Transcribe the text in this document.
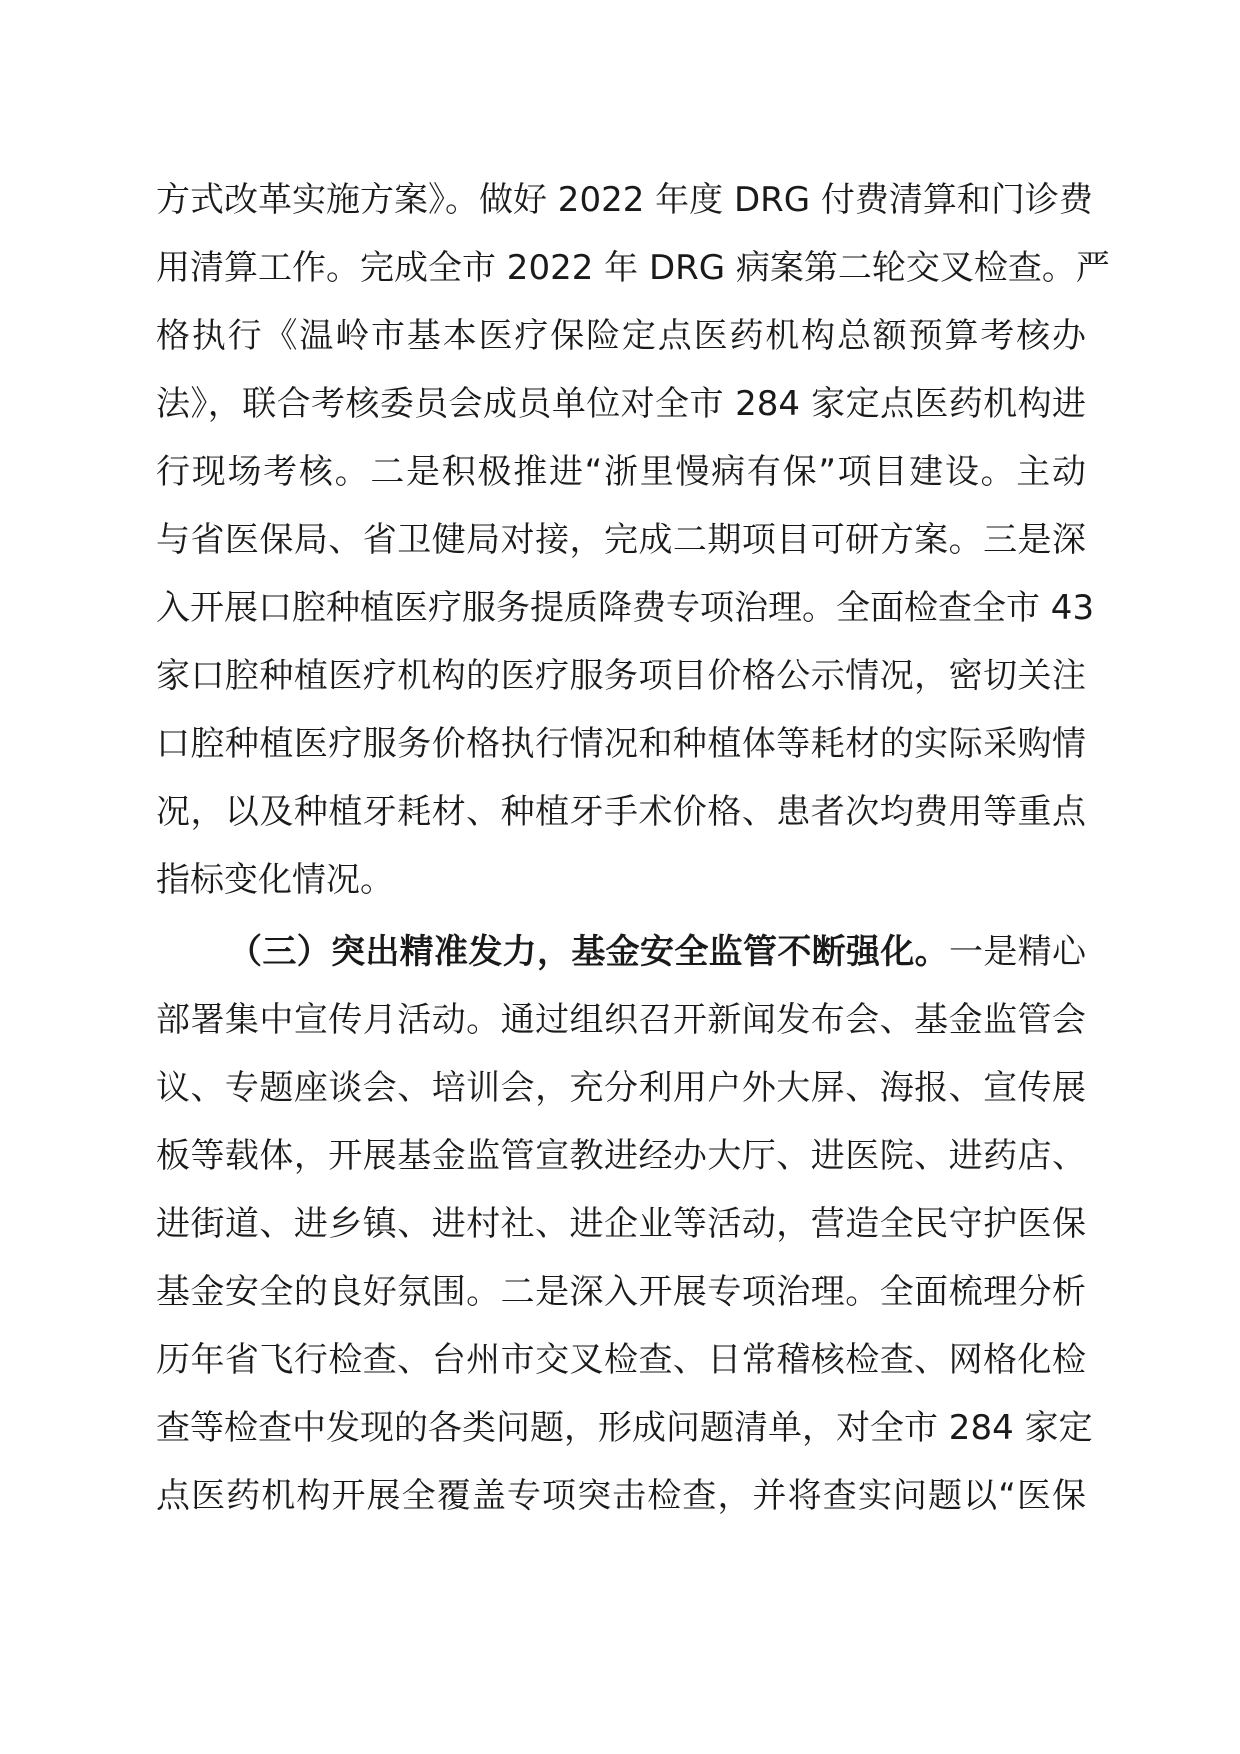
方式改革实施方案》。做好 2022 年度 DRG 付费清算和门诊费
用清算工作。完成全市 2022 年 DRG 病案第二轮交叉检查。严
格执行《温岭市基本医疗保险定点医药机构总额预算考核办
法》，联合考核委员会成员单位对全市 284 家定点医药机构进
行现场考核。二是积极推进“浙里慢病有保”项目建设。主动
与省医保局、省卫健局对接，完成二期项目可研方案。三是深
入开展口腔种植医疗服务提质降费专项治理。全面检查全市 43
家口腔种植医疗机构的医疗服务项目价格公示情况，密切关注
口腔种植医疗服务价格执行情况和种植体等耗材的实际采购情
况，以及种植牙耗材、种植牙手术价格、患者次均费用等重点
指标变化情况。
（三）突出精准发力，基金安全监管不断强化。一是精心
部署集中宣传月活动。通过组织召开新闻发布会、基金监管会
议、专题座谈会、培训会，充分利用户外大屏、海报、宣传展
板等载体，开展基金监管宣教进经办大厅、进医院、进药店、
进街道、进乡镇、进村社、进企业等活动，营造全民守护医保
基金安全的良好氛围。二是深入开展专项治理。全面梳理分析
历年省飞行检查、台州市交叉检查、日常稽核检查、网格化检
查等检查中发现的各类问题，形成问题清单，对全市 284 家定
点医药机构开展全覆盖专项突击检查，并将查实问题以“医保
